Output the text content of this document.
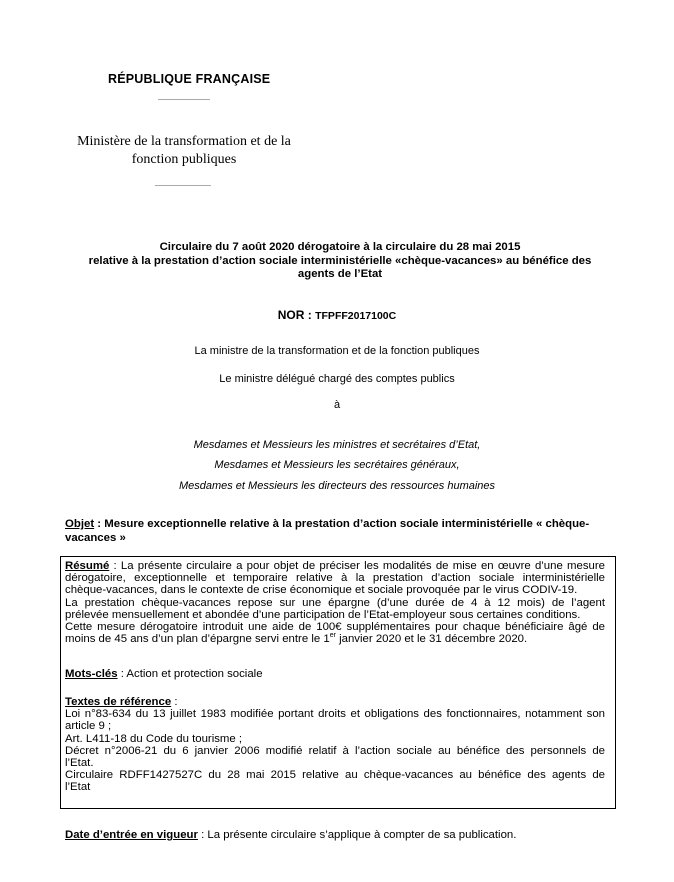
RÉPUBLIQUE FRANÇAISE
Ministère de la transformation et de la
fonction publiques
Circulaire du 7 août 2020 dérogatoire à la circulaire du 28 mai 2015
relative à la prestation d’action sociale interministérielle «chèque-vacances» au bénéfice des
agents de l’Etat
NOR : TFPFF2017100C
La ministre de la transformation et de la fonction publiques
Le ministre délégué chargé des comptes publics
à
Mesdames et Messieurs les ministres et secrétaires d’Etat,
Mesdames et Messieurs les secrétaires généraux,
Mesdames et Messieurs les directeurs des ressources humaines
Objet : Mesure exceptionnelle relative à la prestation d’action sociale interministérielle « chèque-
vacances »

Résumé : La présente circulaire a pour objet de préciser les modalités de mise en œuvre d’une mesure

dérogatoire, exceptionnelle et temporaire relative à la prestation d’action sociale interministérielle

chèque-vacances, dans le contexte de crise économique et sociale provoquée par le virus CODIV-19.

La prestation chèque-vacances repose sur une épargne (d’une durée de 4 à 12 mois) de l’agent

prélevée mensuellement et abondée d’une participation de l’Etat-employeur sous certaines conditions.

Cette mesure dérogatoire introduit une aide de 100€ supplémentaires pour chaque bénéficiaire âgé de

moins de 45 ans d’un plan d’épargne servi entre le 1er janvier 2020 et le 31 décembre 2020.

Mots-clés : Action et protection sociale

Textes de référence :

Loi n°83-634 du 13 juillet 1983 modifiée portant droits et obligations des fonctionnaires, notamment son

article 9 ;

Art. L411-18 du Code du tourisme ;

Décret n°2006-21 du 6 janvier 2006 modifié relatif à l’action sociale au bénéfice des personnels de

l’Etat.

Circulaire RDFF1427527C du 28 mai 2015 relative au chèque-vacances au bénéfice des agents de

l’Etat

Date d’entrée en vigueur : La présente circulaire s’applique à compter de sa publication.
